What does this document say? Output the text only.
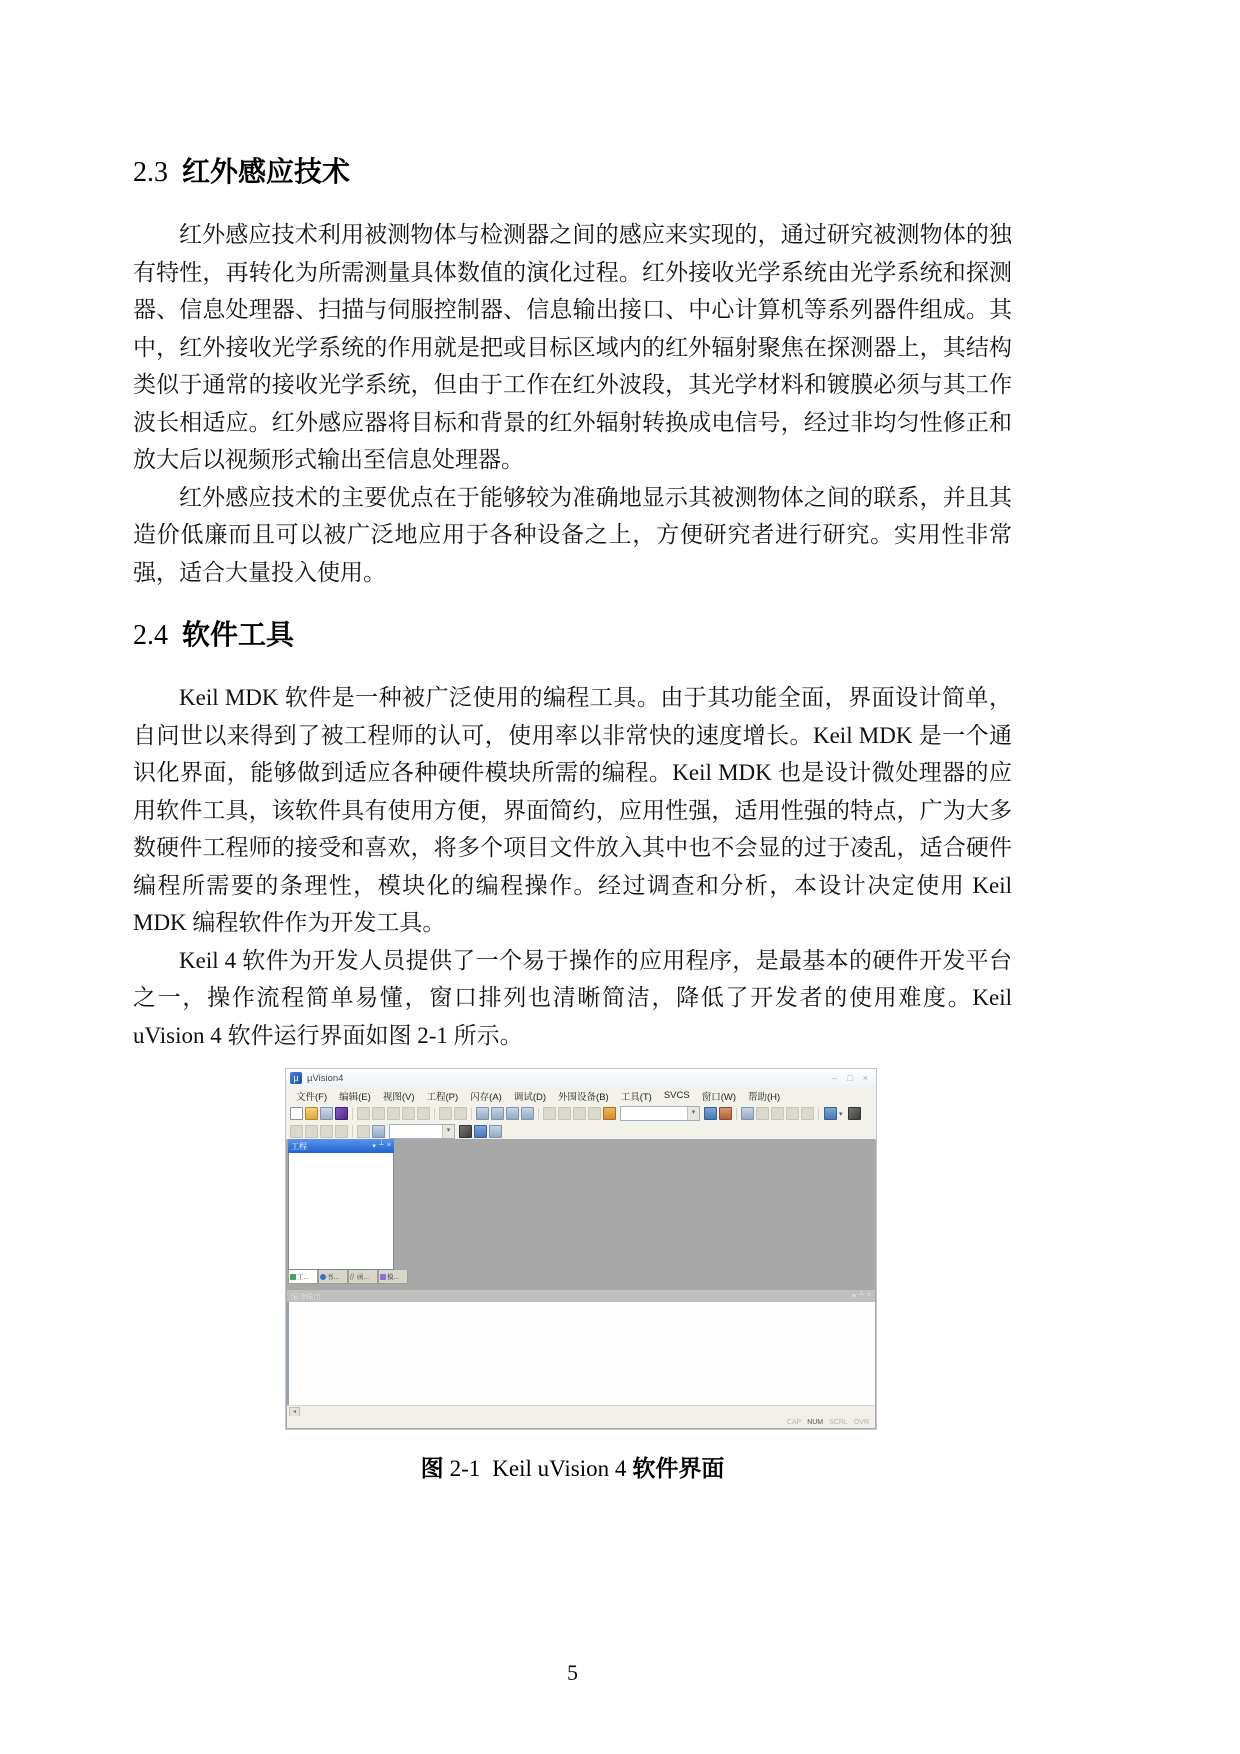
2.3 红外感应技术

红外感应技术利用被测物体与检测器之间的感应来实现的，通过研究被测物体的独有特性，再转化为所需测量具体数值的演化过程。红外接收光学系统由光学系统和探测器、信息处理器、扫描与伺服控制器、信息输出接口、中心计算机等系列器件组成。其中，红外接收光学系统的作用就是把或目标区域内的红外辐射聚焦在探测器上，其结构类似于通常的接收光学系统，但由于工作在红外波段，其光学材料和镀膜必须与其工作波长相适应。红外感应器将目标和背景的红外辐射转换成电信号，经过非均匀性修正和放大后以视频形式输出至信息处理器。

红外感应技术的主要优点在于能够较为准确地显示其被测物体之间的联系，并且其造价低廉而且可以被广泛地应用于各种设备之上，方便研究者进行研究。实用性非常强，适合大量投入使用。

2.4 软件工具

Keil MDK 软件是一种被广泛使用的编程工具。由于其功能全面，界面设计简单，自问世以来得到了被工程师的认可，使用率以非常快的速度增长。Keil MDK 是一个通识化界面，能够做到适应各种硬件模块所需的编程。Keil MDK 也是设计微处理器的应用软件工具，该软件具有使用方便，界面简约，应用性强，适用性强的特点，广为大多数硬件工程师的接受和喜欢，将多个项目文件放入其中也不会显的过于凌乱，适合硬件编程所需要的条理性，模块化的编程操作。经过调查和分析，本设计决定使用 Keil MDK 编程软件作为开发工具。

Keil 4 软件为开发人员提供了一个易于操作的应用程序，是最基本的硬件开发平台之一，操作流程简单易懂，窗口排列也清晰简洁，降低了开发者的使用难度。Keil uVision 4 软件运行界面如图 2-1 所示。

µ
µVision4	– □ ×
文件(F)	编辑(E)	视图(V)	工程(P)	闪存(A)	调试(D)	外围设备(B)	工具(T)	SVCS	窗口(W)	帮助(H)
▾	▾
▾
工程	▾ ┴ ×
工...	书... {} 函...	模...
编译输出	▾ ┴ ×
◂
CAP NUM SCRL OVR
图 2-1 Keil uVision 4 软件界面
5
